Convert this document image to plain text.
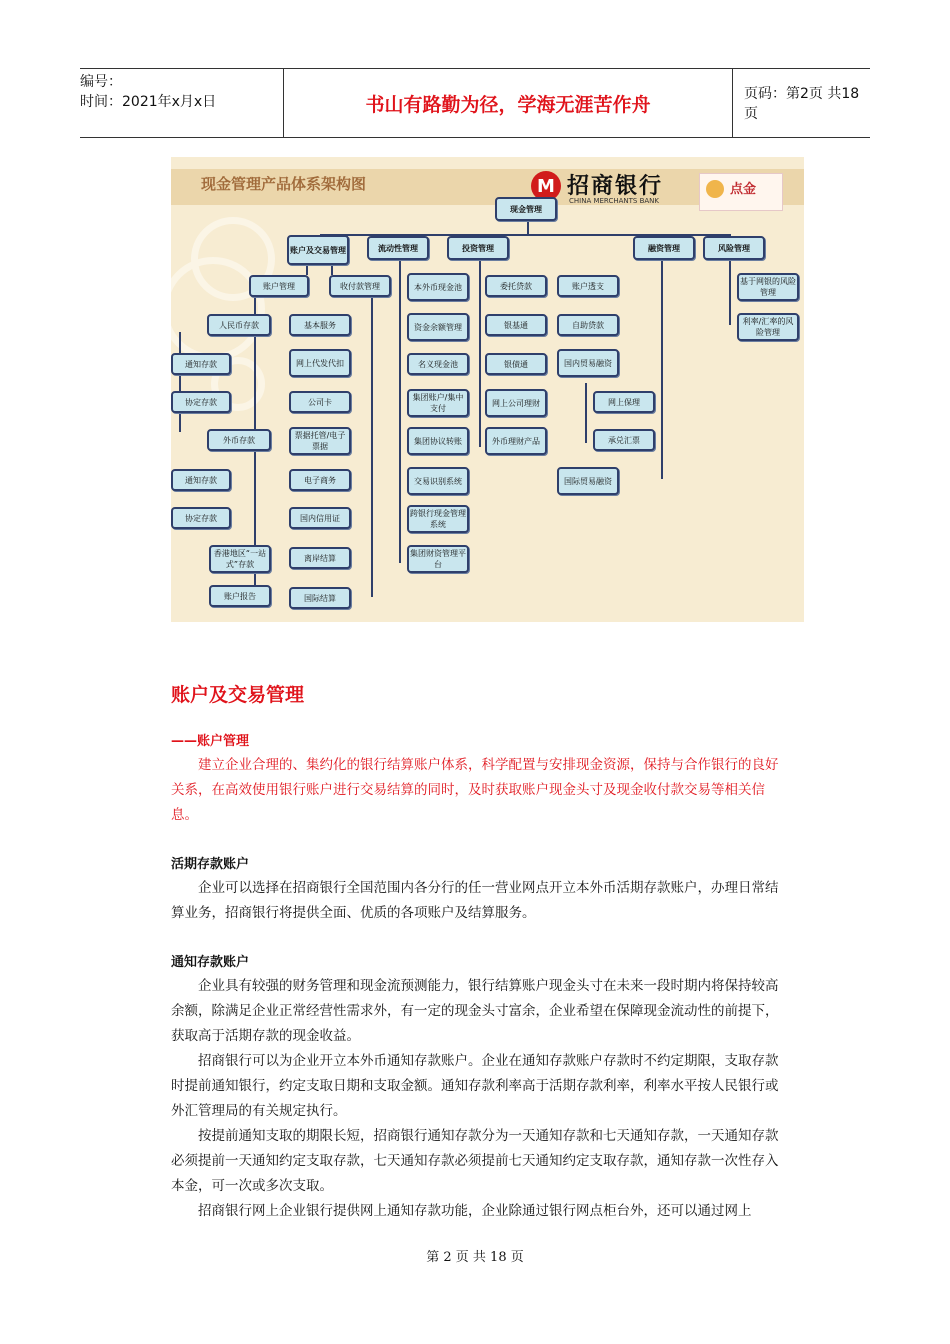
编号：
时间：2021年x月x日	书山有路勤为径，学海无涯苦作舟	页码：第2页 共18页
现金管理产品体系架构图	M 招商银行
CHINA MERCHANTS BANK
点金
现金管理
账户及交易管理	流动性管理	投资管理	融资管理	风险管理
账户管理	收付款管理
人民币存款
通知存款
协定存款
外币存款
通知存款
协定存款
香港地区“一站式”存款
账户报告
基本服务
网上代发代扣
公司卡
票据托管/电子票据
电子商务
国内信用证
离岸结算
国际结算
本外币现金池
资金余额管理
名义现金池
集团账户/集中支付
集团协议转账
交易识别系统
跨银行现金管理系统
集团财资管理平台
委托贷款
银基通
银债通
网上公司理财
外币理财产品
账户透支
自助贷款
国内贸易融资
网上保理
承兑汇票
国际贸易融资
基于网银的风险管理
利率/汇率的风险管理
账户及交易管理
——账户管理
建立企业合理的、集约化的银行结算账户体系，科学配置与安排现金资源，保持与合作银行的良好关系，在高效使用银行账户进行交易结算的同时，及时获取账户现金头寸及现金收付款交易等相关信息。
活期存款账户
企业可以选择在招商银行全国范围内各分行的任一营业网点开立本外币活期存款账户，办理日常结算业务，招商银行将提供全面、优质的各项账户及结算服务。
通知存款账户
企业具有较强的财务管理和现金流预测能力，银行结算账户现金头寸在未来一段时期内将保持较高余额，除满足企业正常经营性需求外，有一定的现金头寸富余，企业希望在保障现金流动性的前提下，获取高于活期存款的现金收益。
招商银行可以为企业开立本外币通知存款账户。企业在通知存款账户存款时不约定期限，支取存款时提前通知银行，约定支取日期和支取金额。通知存款利率高于活期存款利率，利率水平按人民银行或外汇管理局的有关规定执行。
按提前通知支取的期限长短，招商银行通知存款分为一天通知存款和七天通知存款，一天通知存款必须提前一天通知约定支取存款，七天通知存款必须提前七天通知约定支取存款，通知存款一次性存入本金，可一次或多次支取。
招商银行网上企业银行提供网上通知存款功能，企业除通过银行网点柜台外，还可以通过网上
第 2 页 共 18 页
